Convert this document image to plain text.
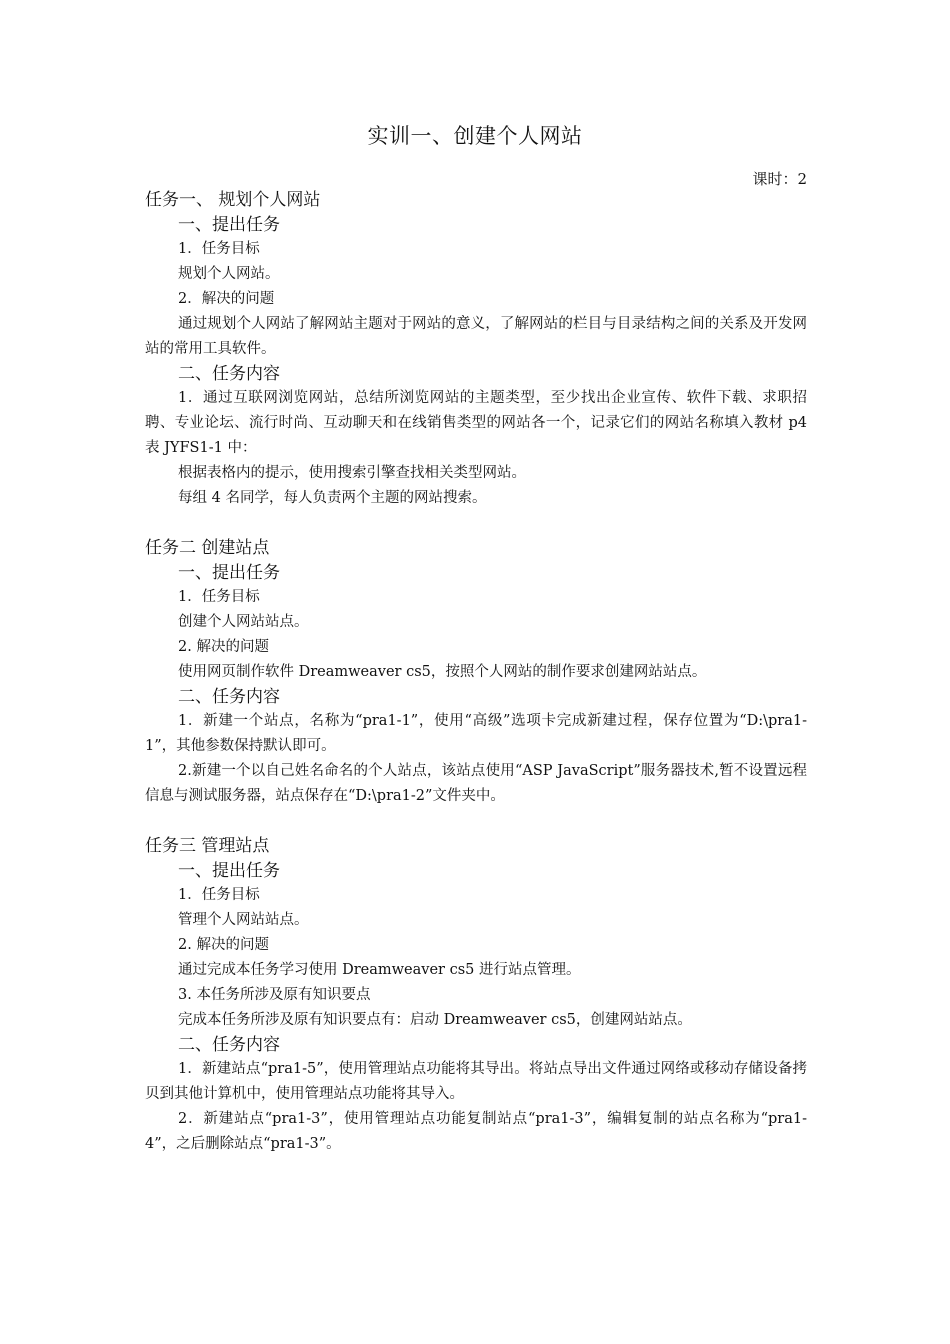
实训一、创建个人网站
课时：2

任务一、 规划个人网站

一、提出任务

1．任务目标

规划个人网站。

2．解决的问题

通过规划个人网站了解网站主题对于网站的意义，了解网站的栏目与目录结构之间的关系及开发网站的常用工具软件。

二、任务内容

1．通过互联网浏览网站，总结所浏览网站的主题类型，至少找出企业宣传、软件下载、求职招聘、专业论坛、流行时尚、互动聊天和在线销售类型的网站各一个，记录它们的网站名称填入教材 p4 表 JYFS1-1 中：

根据表格内的提示，使用搜索引擎查找相关类型网站。

每组 4 名同学，每人负责两个主题的网站搜索。

任务二 创建站点

一、提出任务

1．任务目标

创建个人网站站点。

2. 解决的问题

使用网页制作软件 Dreamweaver cs5，按照个人网站的制作要求创建网站站点。

二、任务内容

1．新建一个站点，名称为“pra1-1”，使用“高级”选项卡完成新建过程，保存位置为“D:\pra1-1”，其他参数保持默认即可。

2.新建一个以自己姓名命名的个人站点，该站点使用“ASP JavaScript”服务器技术,暂不设置远程信息与测试服务器，站点保存在“D:\pra1-2”文件夹中。

任务三 管理站点

一、提出任务

1．任务目标

管理个人网站站点。

2. 解决的问题

通过完成本任务学习使用 Dreamweaver cs5 进行站点管理。

3. 本任务所涉及原有知识要点

完成本任务所涉及原有知识要点有：启动 Dreamweaver cs5，创建网站站点。

二、任务内容

1．新建站点“pra1-5”，使用管理站点功能将其导出。将站点导出文件通过网络或移动存储设备拷贝到其他计算机中，使用管理站点功能将其导入。

2．新建站点“pra1-3”，使用管理站点功能复制站点“pra1-3”，编辑复制的站点名称为“pra1-4”，之后删除站点“pra1-3”。
